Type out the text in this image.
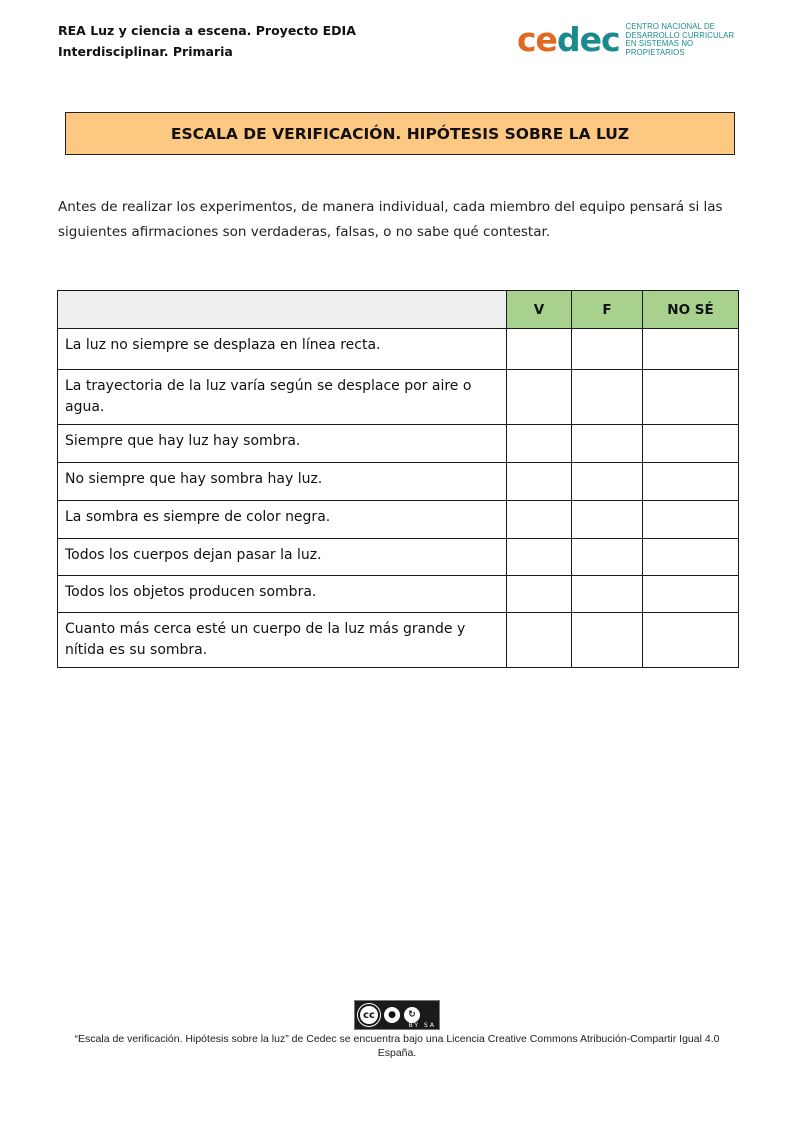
REA Luz y ciencia a escena. Proyecto EDIA
Interdisciplinar. Primaria	cedec CENTRO NACIONAL DE
DESARROLLO CURRICULAR
EN SISTEMAS NO PROPIETARIOS
ESCALA DE VERIFICACIÓN. HIPÓTESIS SOBRE LA LUZ
Antes de realizar los experimentos, de manera individual, cada miembro del equipo pensará si las siguientes afirmaciones son verdaderas, falsas, o no sabe qué contestar.
	V	F	NO SÉ
La luz no siempre se desplaza en línea recta.			
La trayectoria de la luz varía según se desplace por aire o agua.			
Siempre que hay luz hay sombra.			
No siempre que hay sombra hay luz.			
La sombra es siempre de color negra.			
Todos los cuerpos dejan pasar la luz.			
Todos los objetos producen sombra.			
Cuanto más cerca esté un cuerpo de la luz más grande y nítida es su sombra.			
cc	●	↻
BY SA
“Escala de verificación. Hipótesis sobre la luz” de Cedec se encuentra bajo una Licencia Creative Commons Atribución-Compartir Igual 4.0 España.
